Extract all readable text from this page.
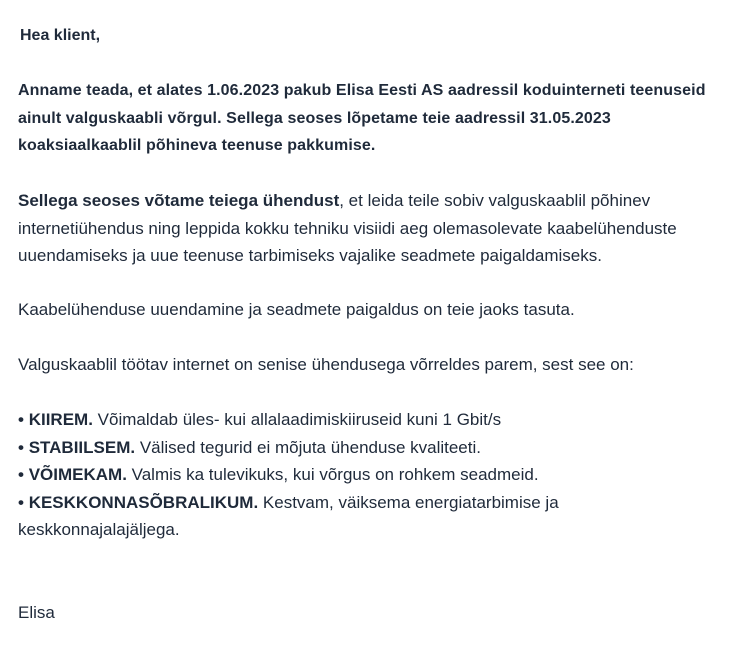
Hea klient,

Anname teada, et alates 1.06.2023 pakub Elisa Eesti AS aadressil koduinterneti teenuseid ainult valguskaabli võrgul. Sellega seoses lõpetame teie aadressil 31.05.2023 koaksiaalkaablil põhineva teenuse pakkumise.

Sellega seoses võtame teiega ühendust, et leida teile sobiv valguskaablil põhinev internetiühendus ning leppida kokku tehniku visiidi aeg olemasolevate kaabelühenduste uuendamiseks ja uue teenuse tarbimiseks vajalike seadmete paigaldamiseks.

Kaabelühenduse uuendamine ja seadmete paigaldus on teie jaoks tasuta.

Valguskaablil töötav internet on senise ühendusega võrreldes parem, sest see on:

• KIIREM. Võimaldab üles- kui allalaadimiskiiruseid kuni 1 Gbit/s
• STABIILSEM. Välised tegurid ei mõjuta ühenduse kvaliteeti.
• VÕIMEKAM. Valmis ka tulevikuks, kui võrgus on rohkem seadmeid.
• KESKKONNASÕBRALIKUM. Kestvam, väiksema energiatarbimise ja keskkonnajalajäljega.

Elisa
